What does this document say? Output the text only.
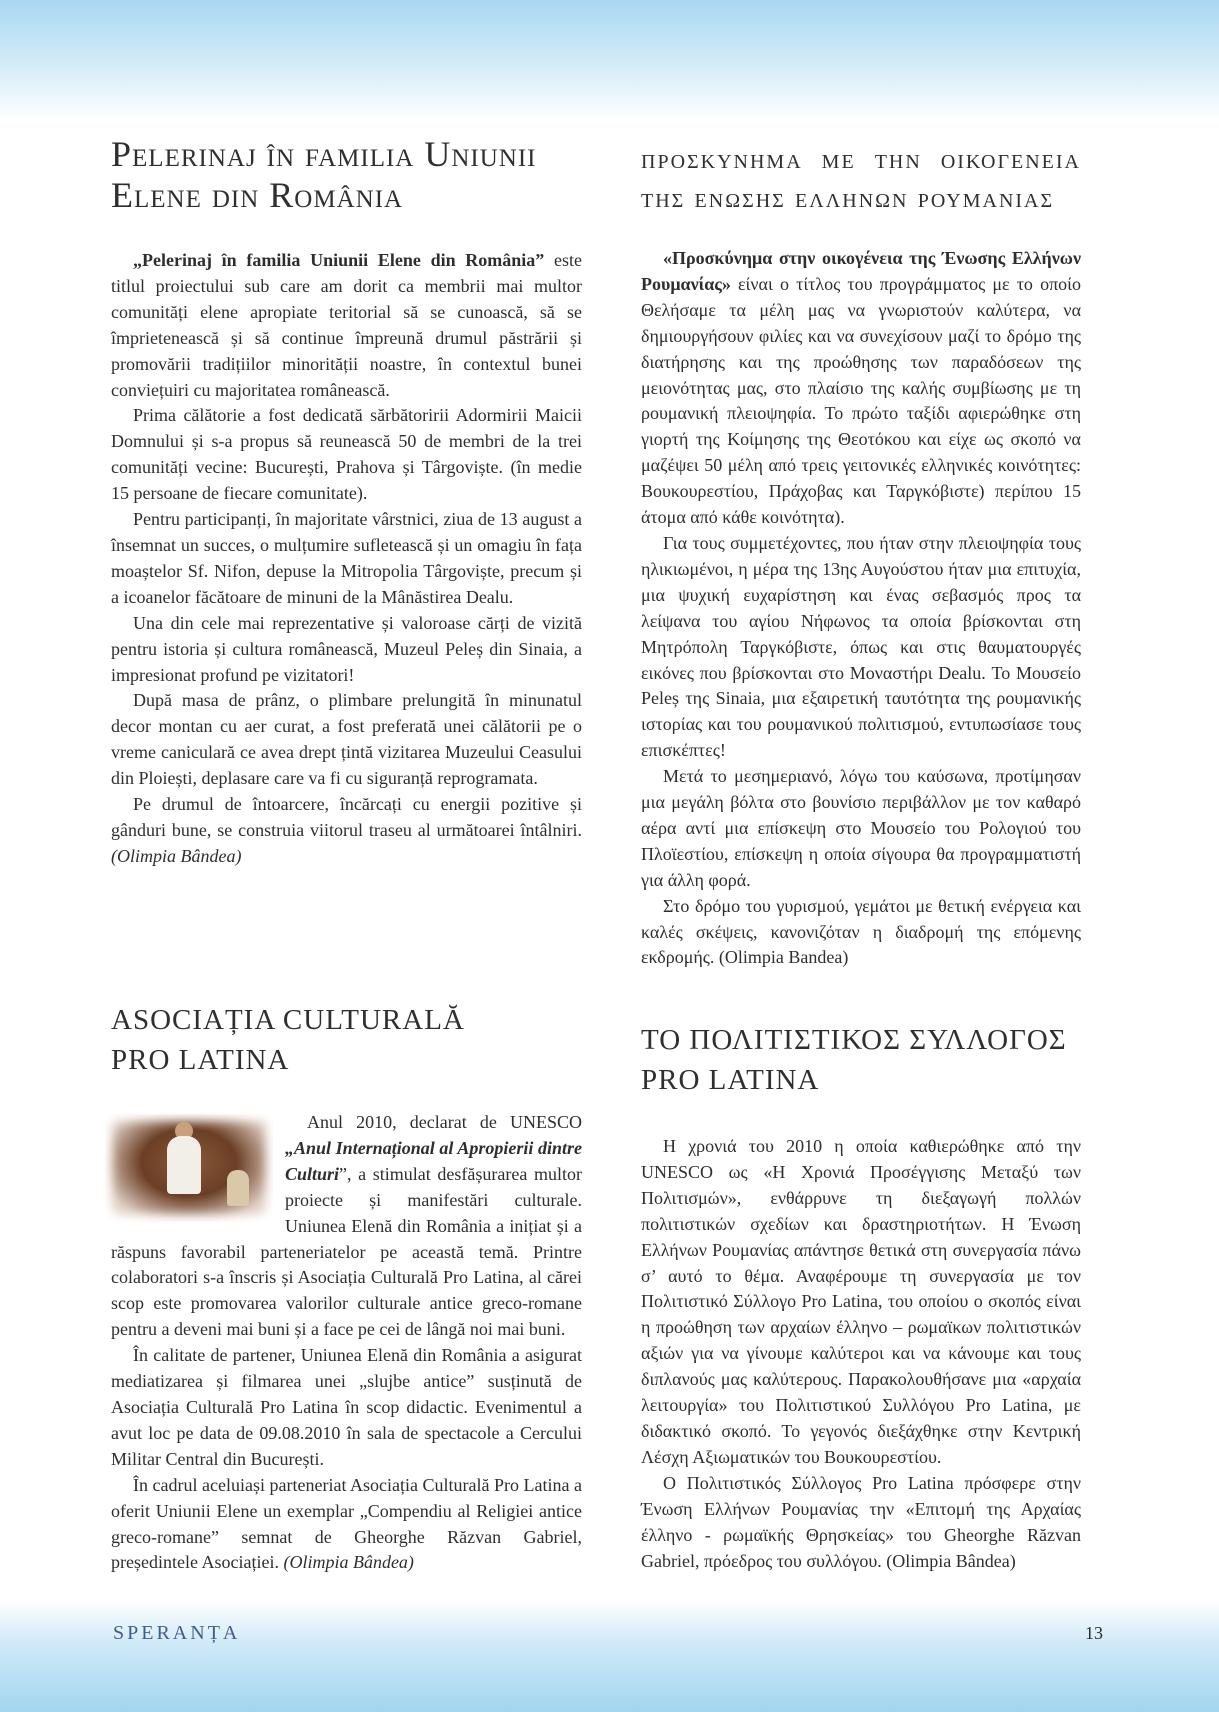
Pelerinaj în familia Uniunii
Elene din România

„Pelerinaj în familia Uniunii Elene din România” este titlul proiectului sub care am dorit ca membrii mai multor comunități elene apropiate teritorial să se cunoască, să se împrietenească și să continue împreună drumul păstrării și promovării tradițiilor minorității noastre, în contextul bunei conviețuiri cu majoritatea românească.

Prima călătorie a fost dedicată sărbătoririi Adormirii Maicii Domnului și s-a propus să reunească 50 de membri de la trei comunități vecine: București, Prahova și Târgoviște. (în medie 15 persoane de fiecare comunitate).

Pentru participanți, în majoritate vârstnici, ziua de 13 august a însemnat un succes, o mulțumire sufletească și un omagiu în fața moaștelor Sf. Nifon, depuse la Mitropolia Târgoviște, precum și a icoanelor făcătoare de minuni de la Mânăstirea Dealu.

Una din cele mai reprezentative și valoroase cărți de vizită pentru istoria și cultura românească, Muzeul Peleș din Sinaia, a impresionat profund pe vizitatori!

După masa de prânz, o plimbare prelungită în minunatul decor montan cu aer curat, a fost preferată unei călătorii pe o vreme caniculară ce avea drept țintă vizitarea Muzeului Ceasului din Ploiești, deplasare care va fi cu siguranță reprogramata.

Pe drumul de întoarcere, încărcați cu energii pozitive și gânduri bune, se construia viitorul traseu al următoarei întâlniri. (Olimpia Bândea)

ASOCIAȚIA CULTURALĂ
PRO LATINA

Anul 2010, declarat de UNESCO „Anul Internațional al Apropierii dintre Culturi”, a stimulat desfășurarea multor proiecte și manifestări culturale. Uniunea Elenă din România a inițiat și a răspuns favorabil parteneriatelor pe această temă. Printre colaboratori s-a înscris și Asociația Culturală Pro Latina, al cărei scop este promovarea valorilor culturale antice greco-romane pentru a deveni mai buni și a face pe cei de lângă noi mai buni.

În calitate de partener, Uniunea Elenă din România a asigurat mediatizarea și filmarea unei „slujbe antice” susținută de Asociația Culturală Pro Latina în scop didactic. Evenimentul a avut loc pe data de 09.08.2010 în sala de spectacole a Cercului Militar Central din București.

În cadrul aceluiași parteneriat Asociația Culturală Pro Latina a oferit Uniunii Elene un exemplar „Compendiu al Religiei antice greco-romane” semnat de Gheorghe Răzvan Gabriel, președintele Asociației. (Olimpia Bândea)

προσκυνημα με την οικογενεια της ενωσης ελληνων ρουμανιας

«Προσκύνημα στην οικογένεια της Ένωσης Ελλήνων Ρουμανίας» είναι ο τίτλος του προγράμματος με το οποίο Θελήσαμε τα μέλη μας να γνωριστούν καλύτερα, να δημιουργήσουν φιλίες και να συνεχίσουν μαζί το δρόμο της διατήρησης και της προώθησης των παραδόσεων της μειονότητας μας, στο πλαίσιο της καλής συμβίωσης με τη ρουμανική πλειοψηφία. Το πρώτο ταξίδι αφιερώθηκε στη γιορτή της Κοίμησης της Θεοτόκου και είχε ως σκοπό να μαζέψει 50 μέλη από τρεις γειτονικές ελληνικές κοινότητες: Βουκουρεστίου, Πράχοβας και Ταργκόβιστε) περίπου 15 άτομα από κάθε κοινότητα).

Για τους συμμετέχοντες, που ήταν στην πλειοψηφία τους ηλικιωμένοι, η μέρα της 13ης Αυγούστου ήταν μια επιτυχία, μια ψυχική ευχαρίστηση και ένας σεβασμός προς τα λείψανα του αγίου Νήφωνος τα οποία βρίσκονται στη Μητρόπολη Ταργκόβιστε, όπως και στις θαυματουργές εικόνες που βρίσκονται στο Μοναστήρι Dealu. Το Μουσείο Peleș της Sinaia, μια εξαιρετική ταυτότητα της ρουμανικής ιστορίας και του ρουμανικού πολιτισμού, εντυπωσίασε τους επισκέπτες!

Μετά το μεσημεριανό, λόγω του καύσωνα, προτίμησαν μια μεγάλη βόλτα στο βουνίσιο περιβάλλον με τον καθαρό αέρα αντί μια επίσκεψη στο Μουσείο του Ρολογιού του Πλοϊεστίου, επίσκεψη η οποία σίγουρα θα προγραμματιστή για άλλη φορά.

Στο δρόμο του γυρισμού, γεμάτοι με θετική ενέργεια και καλές σκέψεις, κανονιζόταν η διαδρομή της επόμενης εκδρομής. (Olimpia Bandea)

ΤΟ ΠΟΛΙΤΙΣΤΙΚΟΣ ΣΥΛΛΟΓΟΣ
PRO LATINA

Η χρονιά του 2010 η οποία καθιερώθηκε από την UNESCO ως «Η Χρονιά Προσέγγισης Μεταξύ των Πολιτισμών», ενθάρρυνε τη διεξαγωγή πολλών πολιτιστικών σχεδίων και δραστηριοτήτων. Η Ένωση Ελλήνων Ρουμανίας απάντησε θετικά στη συνεργασία πάνω σ’ αυτό το θέμα. Αναφέρουμε τη συνεργασία με τον Πολιτιστικό Σύλλογο Pro Latina, του οποίου ο σκοπός είναι η προώθηση των αρχαίων έλληνο – ρωμαϊκων πολιτιστικών αξιών για να γίνουμε καλύτεροι και να κάνουμε και τους διπλανούς μας καλύτερους. Παρακολουθήσανε μια «αρχαία λειτουργία» του Πολιτιστικού Συλλόγου Pro Latina, με διδακτικό σκοπό. Το γεγονός διεξάχθηκε στην Κεντρική Λέσχη Αξιωματικών του Βουκουρεστίου.

Ο Πολιτιστικός Σύλλογος Pro Latina πρόσφερε στην Ένωση Ελλήνων Ρουμανίας την «Επιτομή της Αρχαίας έλληνο - ρωμαϊκής Θρησκείας» του Gheorghe Răzvan Gabriel, πρόεδρος του συλλόγου. (Olimpia Bândea)

SPERANȚA	13
